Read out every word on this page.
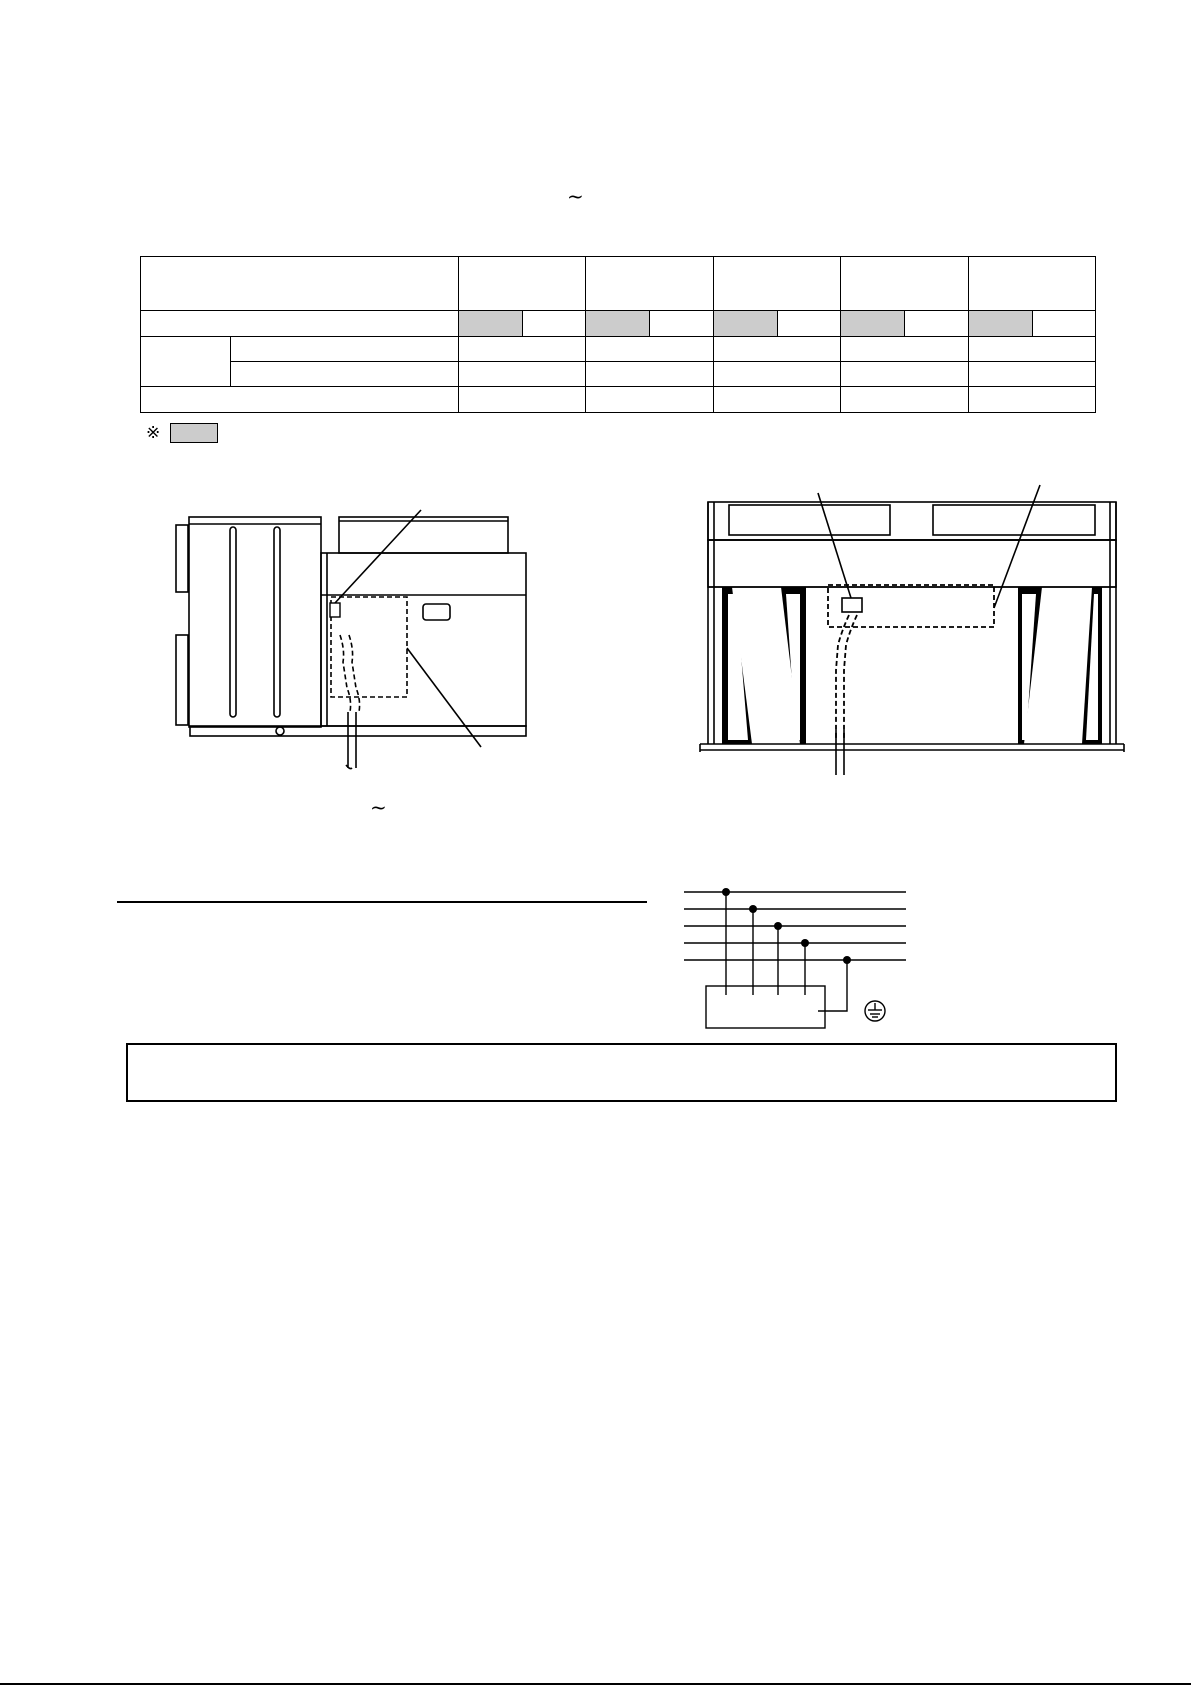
~

※
~
